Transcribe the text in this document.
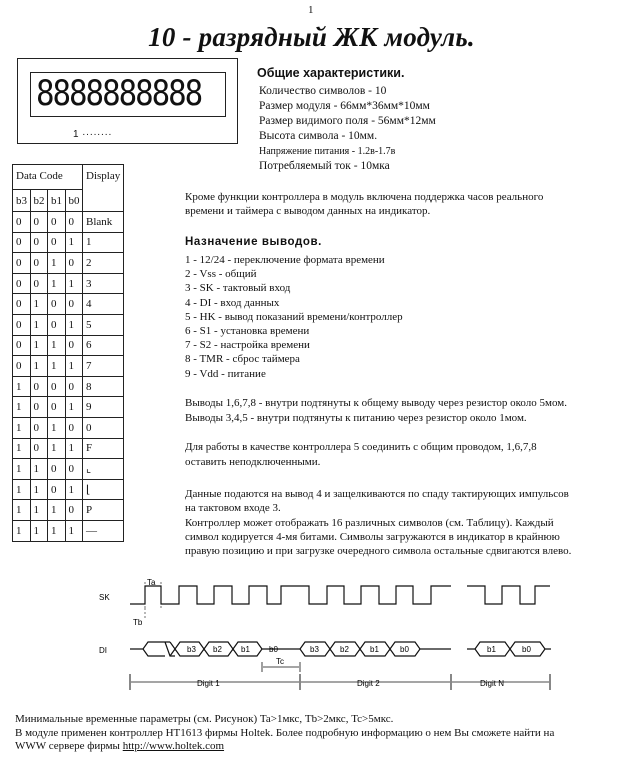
1
10 - разрядный ЖК модуль.
8888888888
1 ········
Общие характеристики.
Количество символов - 10
Размер модуля - 66мм*36мм*10мм
Размер видимого поля - 56мм*12мм
Высота символа - 10мм.
Напряжение питания - 1.2в-1.7в
Потребляемый ток - 10мка
Data Code				Display
b3	b2	b1	b0	
0	0	0	0	Blank
0	0	0	1	1
0	0	1	0	2
0	0	1	1	3
0	1	0	0	4
0	1	0	1	5
0	1	1	0	6
0	1	1	1	7
1	0	0	0	8
1	0	0	1	9
1	0	1	0	0
1	0	1	1	F
1	1	0	0	⌞
1	1	0	1	⌊
1	1	1	0	P
1	1	1	1	—
Кроме функции контроллера в модуль включена поддержка часов реального
времени и таймера с выводом данных на индикатор.
Назначение выводов.
1 - 12/24 - переключение формата времени
2 - Vss - общий
3 - SK - тактовый вход
4 - DI - вход данных
5 - HK - вывод показаний времени/контроллер
6 - S1 - установка времени
7 - S2 - настройка времени
8 - TMR - сброс таймера
9 - Vdd - питание
Выводы 1,6,7,8 - внутри подтянуты к общему выводу через резистор около 5мом.
Выводы 3,4,5 - внутри подтянуты к питанию через резистор около 1мом.
Для работы в качестве контроллера 5 соединить с общим проводом, 1,6,7,8
оставить неподключенными.
Данные подаются на вывод 4 и защелкиваются по спаду тактирующих импульсов
на тактовом входе 3.
Контроллер может отображать 16 различных символов (см. Таблицу). Каждый
символ кодируется 4-мя битами. Символы загружаются в индикатор в крайнюю
правую позицию и при загрузке очередного символа остальные сдвигаются влево.
SK
DI
Ta
Tb
Tc
b3 b2 b1 b0	b3	b2	b1	b0	b1	b0
Digit 1	Digit 2	Digit N
Минимальные временные параметры (см. Рисунок) Ta>1мкс, Tb>2мкс, Tc>5мкс.
В модуле применен контроллер HT1613 фирмы Holtek. Более подробную информацию о нем Вы сможете найти на
WWW сервере фирмы http://www.holtek.com
